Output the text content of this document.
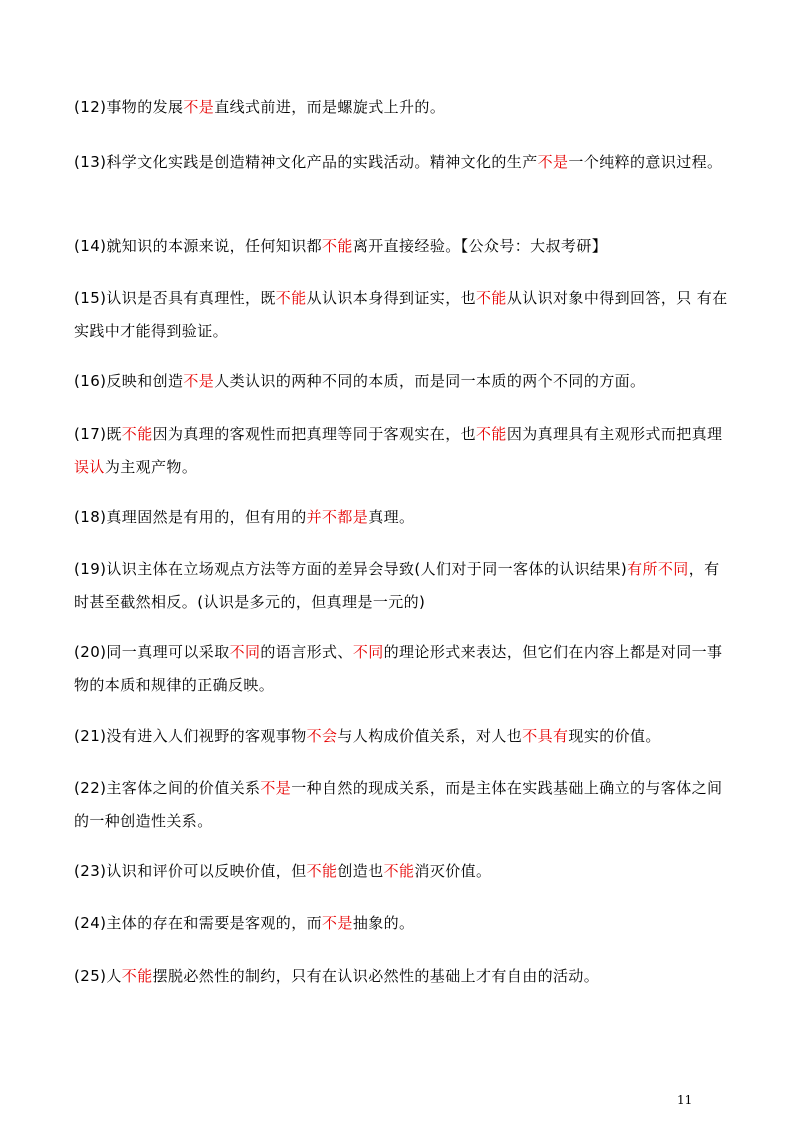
(12)事物的发展不是直线式前进，而是螺旋式上升的。

(13)科学文化实践是创造精神文化产品的实践活动。精神文化的生产不是一个纯粹的意识过程。

(14)就知识的本源来说，任何知识都不能离开直接经验。【公众号：大叔考研】

(15)认识是否具有真理性，既不能从认识本身得到证实，也不能从认识对象中得到回答，只 有在实践中才能得到验证。

(16)反映和创造不是人类认识的两种不同的本质，而是同一本质的两个不同的方面。

(17)既不能因为真理的客观性而把真理等同于客观实在，也不能因为真理具有主观形式而把真理误认为主观产物。

(18)真理固然是有用的，但有用的并不都是真理。

(19)认识主体在立场观点方法等方面的差异会导致(人们对于同一客体的认识结果)有所不同，有时甚至截然相反。(认识是多元的，但真理是一元的)

(20)同一真理可以采取不同的语言形式、不同的理论形式来表达，但它们在内容上都是对同一事物的本质和规律的正确反映。

(21)没有进入人们视野的客观事物不会与人构成价值关系，对人也不具有现实的价值。

(22)主客体之间的价值关系不是一种自然的现成关系，而是主体在实践基础上确立的与客体之间的一种创造性关系。

(23)认识和评价可以反映价值，但不能创造也不能消灭价值。

(24)主体的存在和需要是客观的，而不是抽象的。

(25)人不能摆脱必然性的制约，只有在认识必然性的基础上才有自由的活动。

11
